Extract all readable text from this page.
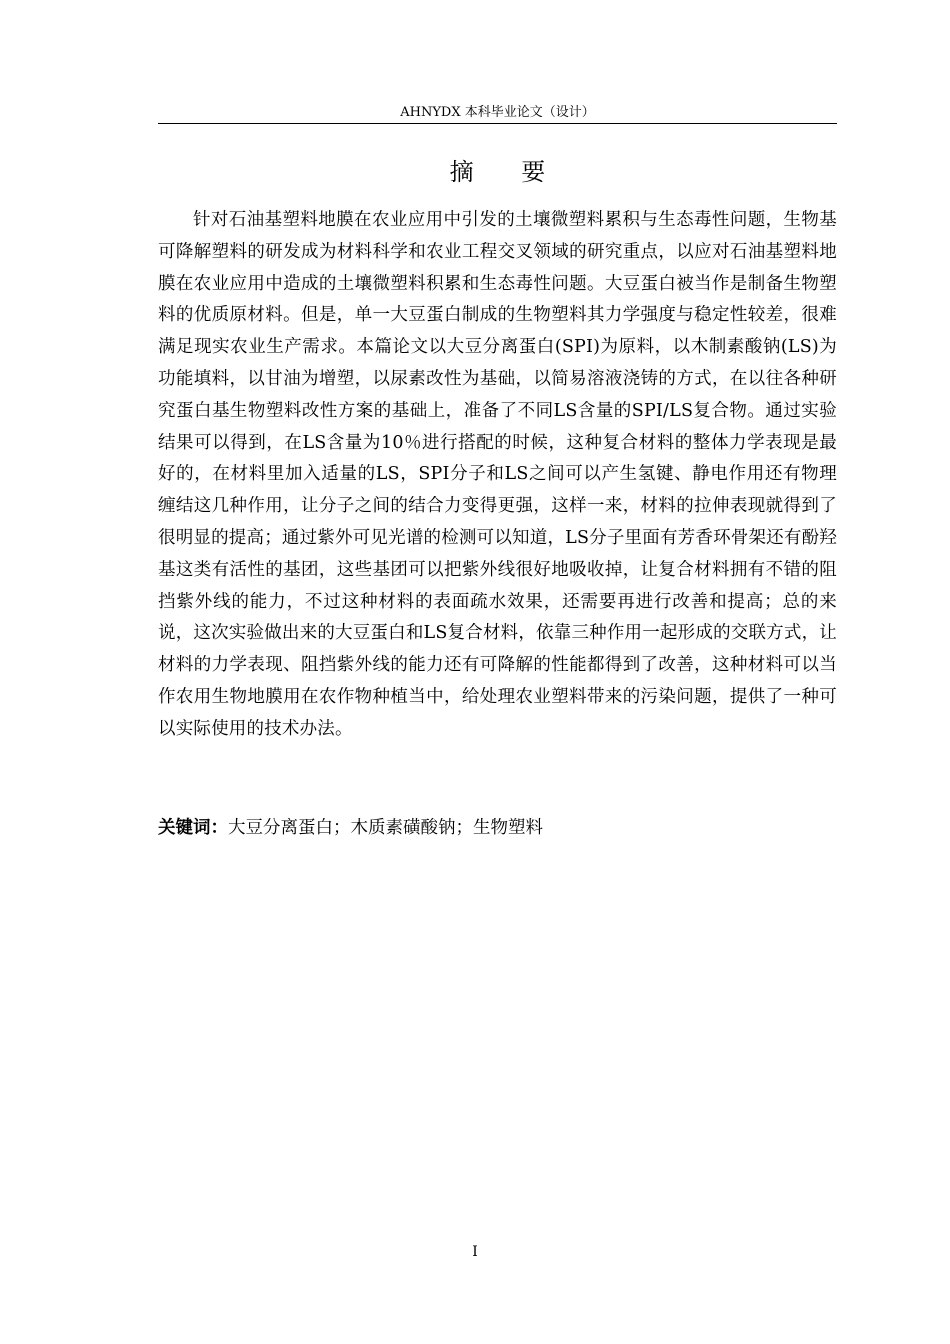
AHNYDX 本科毕业论文（设计）
摘 要

针对石油基塑料地膜在农业应用中引发的土壤微塑料累积与生态毒性问题，生物基可降解塑料的研发成为材料科学和农业工程交叉领域的研究重点，以应对石油基塑料地膜在农业应用中造成的土壤微塑料积累和生态毒性问题。大豆蛋白被当作是制备生物塑料的优质原材料。但是，单一大豆蛋白制成的生物塑料其力学强度与稳定性较差，很难满足现实农业生产需求。本篇论文以大豆分离蛋白(SPI)为原料，以木制素酸钠(LS)为功能填料，以甘油为增塑，以尿素改性为基础，以简易溶液浇铸的方式，在以往各种研究蛋白基生物塑料改性方案的基础上，准备了不同LS含量的SPI/LS复合物。通过实验结果可以得到，在LS含量为10％进行搭配的时候，这种复合材料的整体力学表现是最好的，在材料里加入适量的LS，SPI分子和LS之间可以产生氢键、静电作用还有物理缠结这几种作用，让分子之间的结合力变得更强，这样一来，材料的拉伸表现就得到了很明显的提高；通过紫外可见光谱的检测可以知道，LS分子里面有芳香环骨架还有酚羟基这类有活性的基团，这些基团可以把紫外线很好地吸收掉，让复合材料拥有不错的阻挡紫外线的能力，不过这种材料的表面疏水效果，还需要再进行改善和提高；总的来说，这次实验做出来的大豆蛋白和LS复合材料，依靠三种作用一起形成的交联方式，让材料的力学表现、阻挡紫外线的能力还有可降解的性能都得到了改善，这种材料可以当作农用生物地膜用在农作物种植当中，给处理农业塑料带来的污染问题，提供了一种可以实际使用的技术办法。

关键词：大豆分离蛋白；木质素磺酸钠；生物塑料
I
